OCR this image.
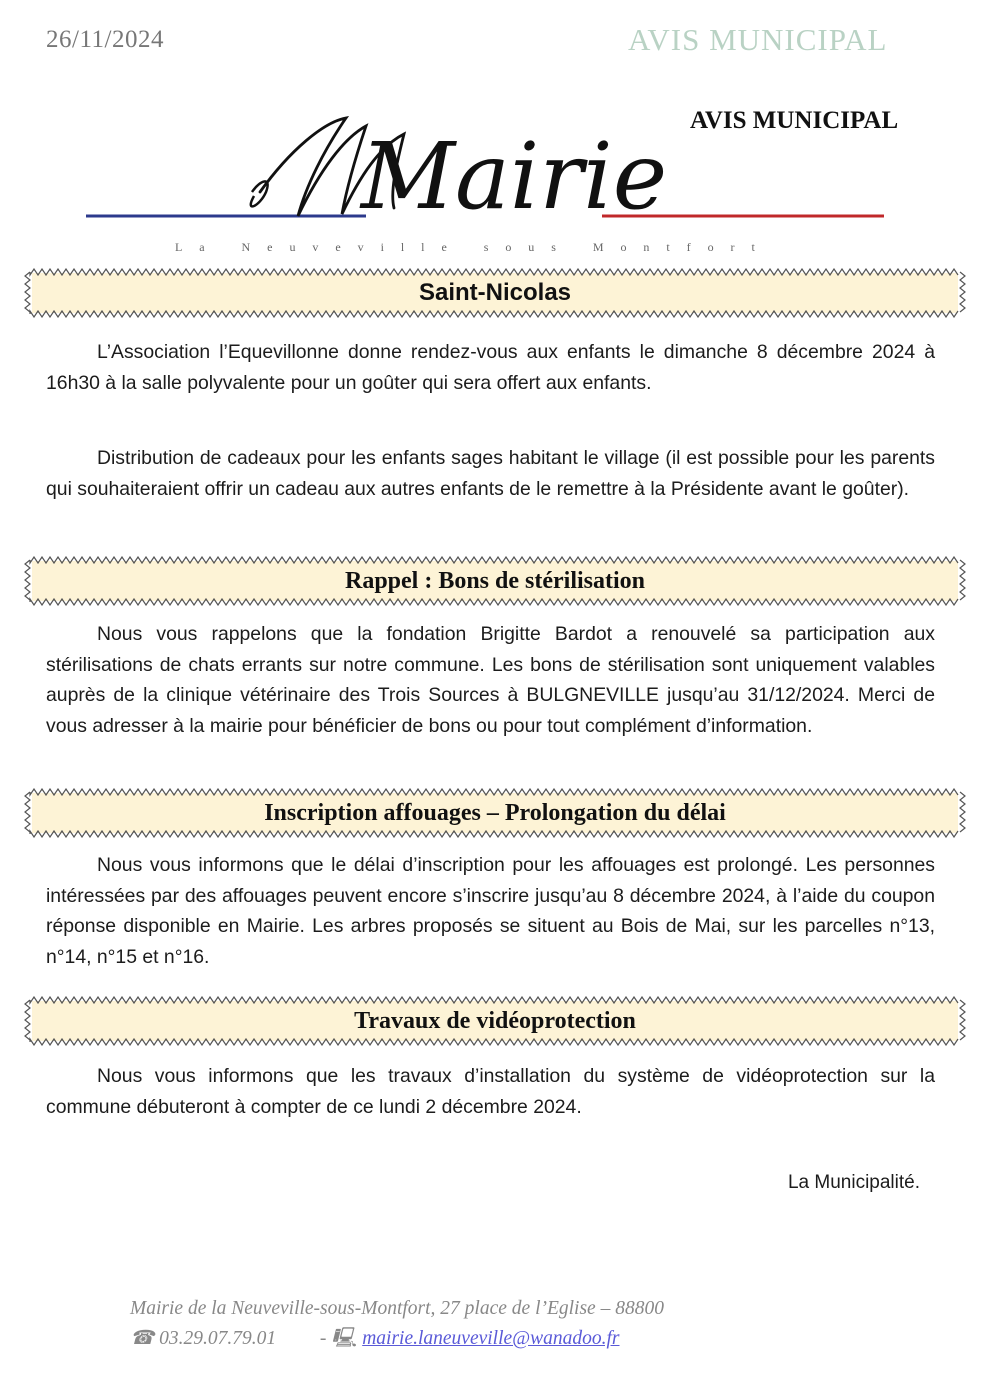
26/11/2024	AVIS MUNICIPAL
AVIS MUNICIPAL
Mairie
L a
	N e u v e v i l l e
	s o u s
	M o n t f o r t
Saint-Nicolas

L’Association l’Equevillonne donne rendez-vous aux enfants le dimanche 8 décembre 2024 à 16h30 à la salle polyvalente pour un goûter qui sera offert aux enfants.

Distribution de cadeaux pour les enfants sages habitant le village (il est possible pour les parents qui souhaiteraient offrir un cadeau aux autres enfants de le remettre à la Présidente avant le goûter).

Rappel : Bons de stérilisation

Nous vous rappelons que la fondation Brigitte Bardot a renouvelé sa participation aux stérilisations de chats errants sur notre commune. Les bons de stérilisation sont uniquement valables auprès de la clinique vétérinaire des Trois Sources à BULGNEVILLE jusqu’au 31/12/2024. Merci de vous adresser à la mairie pour bénéficier de bons ou pour tout complément d’information.

Inscription affouages – Prolongation du délai

Nous vous informons que le délai d’inscription pour les affouages est prolongé. Les personnes intéressées par des affouages peuvent encore s’inscrire jusqu’au 8 décembre 2024, à l’aide du coupon réponse disponible en Mairie. Les arbres proposés se situent au Bois de Mai, sur les parcelles n°13, n°14, n°15 et n°16.

Travaux de vidéoprotection

Nous vous informons que les travaux d’installation du système de vidéoprotection sur la commune débuteront à compter de ce lundi 2 décembre 2024.

La Municipalité.
Mairie de la Neuveville-sous-Montfort, 27 place de l’Eglise – 88800
☎ 03.29.07.79.01 - 🖳 mairie.laneuveville@wanadoo.fr
